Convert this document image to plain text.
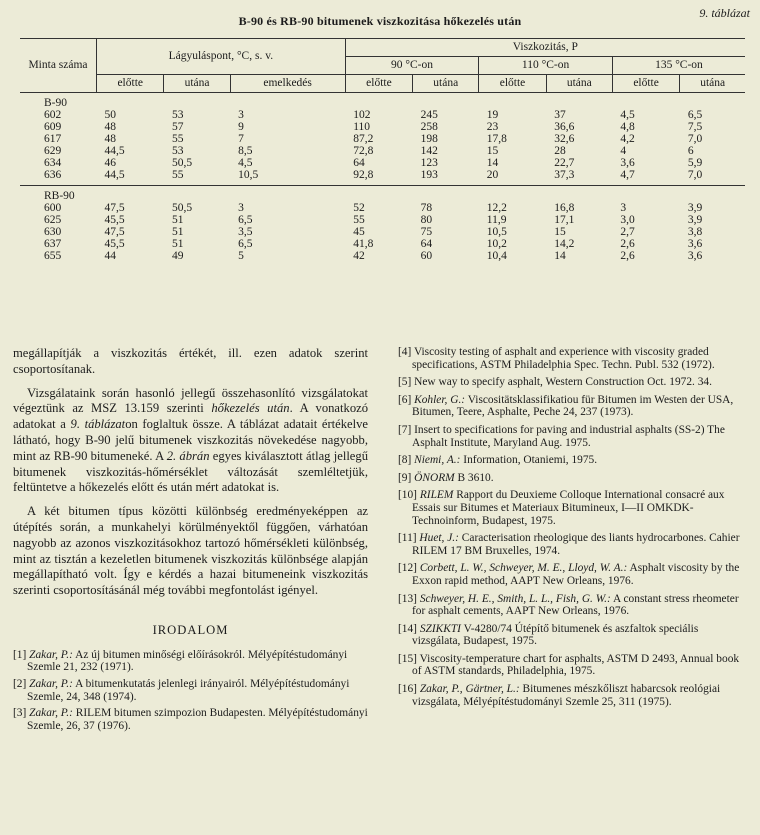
B-90 és RB-90 bitumenek viszkozitása hőkezelés után
9. táblázat
Minta száma	Lágyuláspont, °C, s. v.			Viszkozitás, P					
				90 °C-on		110 °C-on		135 °C-on	
	előtte	utána	emelkedés	előtte	utána	előtte	utána	előtte	utána
B-90									
602	50	53	3	102	245	19	37	4,5	6,5
609	48	57	9	110	258	23	36,6	4,8	7,5
617	48	55	7	87,2	198	17,8	32,6	4,2	7,0
629	44,5	53	8,5	72,8	142	15	28	4	6
634	46	50,5	4,5	64	123	14	22,7	3,6	5,9
636	44,5	55	10,5	92,8	193	20	37,3	4,7	7,0

RB-90									
600	47,5	50,5	3	52	78	12,2	16,8	3	3,9
625	45,5	51	6,5	55	80	11,9	17,1	3,0	3,9
630	47,5	51	3,5	45	75	10,5	15	2,7	3,8
637	45,5	51	6,5	41,8	64	10,2	14,2	2,6	3,6
655	44	49	5	42	60	10,4	14	2,6	3,6

megállapítják a viszkozitás értékét, ill. ezen adatok szerint csoportosítanak.

Vizsgálataink során hasonló jellegű összehasonlító vizsgálatokat végeztünk az MSZ 13.159 szerinti hőkezelés után. A vonatkozó adatokat a 9. táblázaton foglaltuk össze. A táblázat adatait értékelve látható, hogy B-90 jelű bitumenek viszkozitás növekedése nagyobb, mint az RB-90 bitumeneké. A 2. ábrán egyes kiválasztott átlag jellegű bitumenek viszkozitás-hőmérséklet változását szemléltetjük, feltüntetve a hőkezelés előtt és után mért adatokat is.

A két bitumen típus közötti különbség eredményeképpen az útépítés során, a munkahelyi körülményektől függően, várhatóan nagyobb az azonos viszkozitásokhoz tartozó hőmérsékleti különbség, mint az tisztán a kezeletlen bitumenek viszkozitás különbsége alapján megállapítható volt. Így e kérdés a hazai bitumeneink viszkozitás szerinti csoportosításánál még további megfontolást igényel.

IRODALOM
[1] Zakar, P.: Az új bitumen minőségi előírásokról. Mélyépítéstudományi Szemle 21, 232 (1971).
[2] Zakar, P.: A bitumenkutatás jelenlegi irányairól. Mélyépítéstudományi Szemle, 24, 348 (1974).
[3] Zakar, P.: RILEM bitumen szimpozion Budapesten. Mélyépítéstudományi Szemle, 26, 37 (1976).
[4] Viscosity testing of asphalt and experience with viscosity graded specifications, ASTM Philadelphia Spec. Techn. Publ. 532 (1972).
[5] New way to specify asphalt, Western Construction Oct. 1972. 34.
[6] Kohler, G.: Viscositätsklassifikatiou für Bitumen im Westen der USA, Bitumen, Teere, Asphalte, Peche 24, 237 (1973).
[7] Insert to specifications for paving and industrial asphalts (SS-2) The Asphalt Institute, Maryland Aug. 1975.
[8] Niemi, A.: Information, Otaniemi, 1975.
[9] ÖNORM B 3610.
[10] RILEM Rapport du Deuxieme Colloque International consacré aux Essais sur Bitumes et Materiaux Bitumineux, I—II OMKDK-Technoinform, Budapest, 1975.
[11] Huet, J.: Caracterisation rheologique des liants hydrocarbones. Cahier RILEM 17 BM Bruxelles, 1974.
[12] Corbett, L. W., Schweyer, M. E., Lloyd, W. A.: Asphalt viscosity by the Exxon rapid method, AAPT New Orleans, 1976.
[13] Schweyer, H. E., Smith, L. L., Fish, G. W.: A constant stress rheometer for asphalt cements, AAPT New Orleans, 1976.
[14] SZIKKTI V-4280/74 Útépítő bitumenek és aszfaltok speciális vizsgálata, Budapest, 1975.
[15] Viscosity-temperature chart for asphalts, ASTM D 2493, Annual book of ASTM standards, Philadelphia, 1975.
[16] Zakar, P., Gärtner, L.: Bitumenes mészkőliszt habarcsok reológiai vizsgálata, Mélyépítéstudományi Szemle 25, 311 (1975).
